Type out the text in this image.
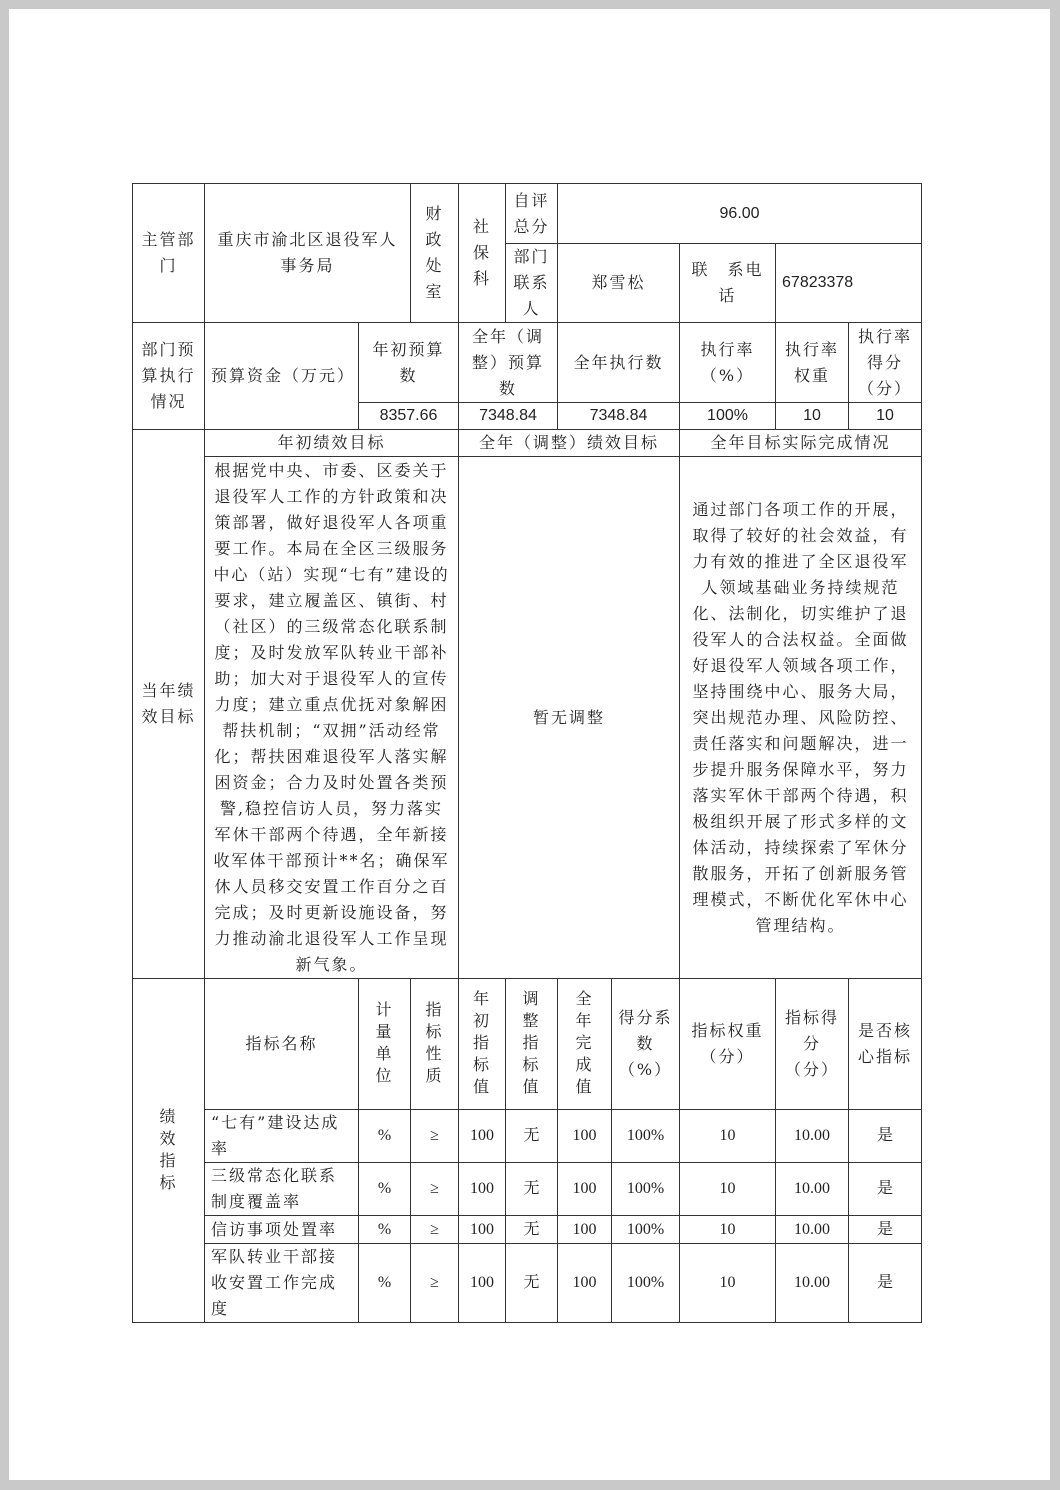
主管部门	重庆市渝北区退役军人事务局		财政处室	社保科	自评总分	96.00				
					部门联系人	郑雪松		联　系电话	67823378	
部门预算执行情况	预算资金（万元）	年初预算数		全年（调整）预算数		全年执行数		执行率（%）	执行率权重	执行率得分（分）
		8357.66		7348.84		7348.84		100%	10	10
当年绩效目标	年初绩效目标			全年（调整）绩效目标				全年目标实际完成情况		
	根据党中央、市委、区委关于退役军人工作的方针政策和决策部署，做好退役军人各项重要工作。本局在全区三级服务中心（站）实现“七有”建设的要求，建立履盖区、镇街、村（社区）的三级常态化联系制度；及时发放军队转业干部补助；加大对于退役军人的宣传力度；建立重点优抚对象解困帮扶机制；“双拥”活动经常化；帮扶困难退役军人落实解困资金；合力及时处置各类预警,稳控信访人员，努力落实军休干部两个待遇，全年新接收军体干部预计**名；确保军休人员移交安置工作百分之百完成；及时更新设施设备，努力推动渝北退役军人工作呈现新气象。			暂无调整				通过部门各项工作的开展，取得了较好的社会效益，有力有效的推进了全区退役军人领域基础业务持续规范化、法制化，切实维护了退役军人的合法权益。全面做好退役军人领域各项工作，坚持围绕中心、服务大局，突出规范办理、风险防控、责任落实和问题解决，进一步提升服务保障水平，努力落实军休干部两个待遇，积极组织开展了形式多样的文体活动，持续探索了军休分散服务，开拓了创新服务管理模式，不断优化军休中心管理结构。		
绩效指标	指标名称	计量单位	指标性质	年初指标值	调整指标值	全年完成值	得分系数（%）	指标权重（分）	指标得分（分）	是否核心指标
	“七有”建设达成率	%	≥	100	无	100	100%	10	10.00	是
	三级常态化联系制度覆盖率	%	≥	100	无	100	100%	10	10.00	是
	信访事项处置率	%	≥	100	无	100	100%	10	10.00	是
	军队转业干部接收安置工作完成度	%	≥	100	无	100	100%	10	10.00	是
